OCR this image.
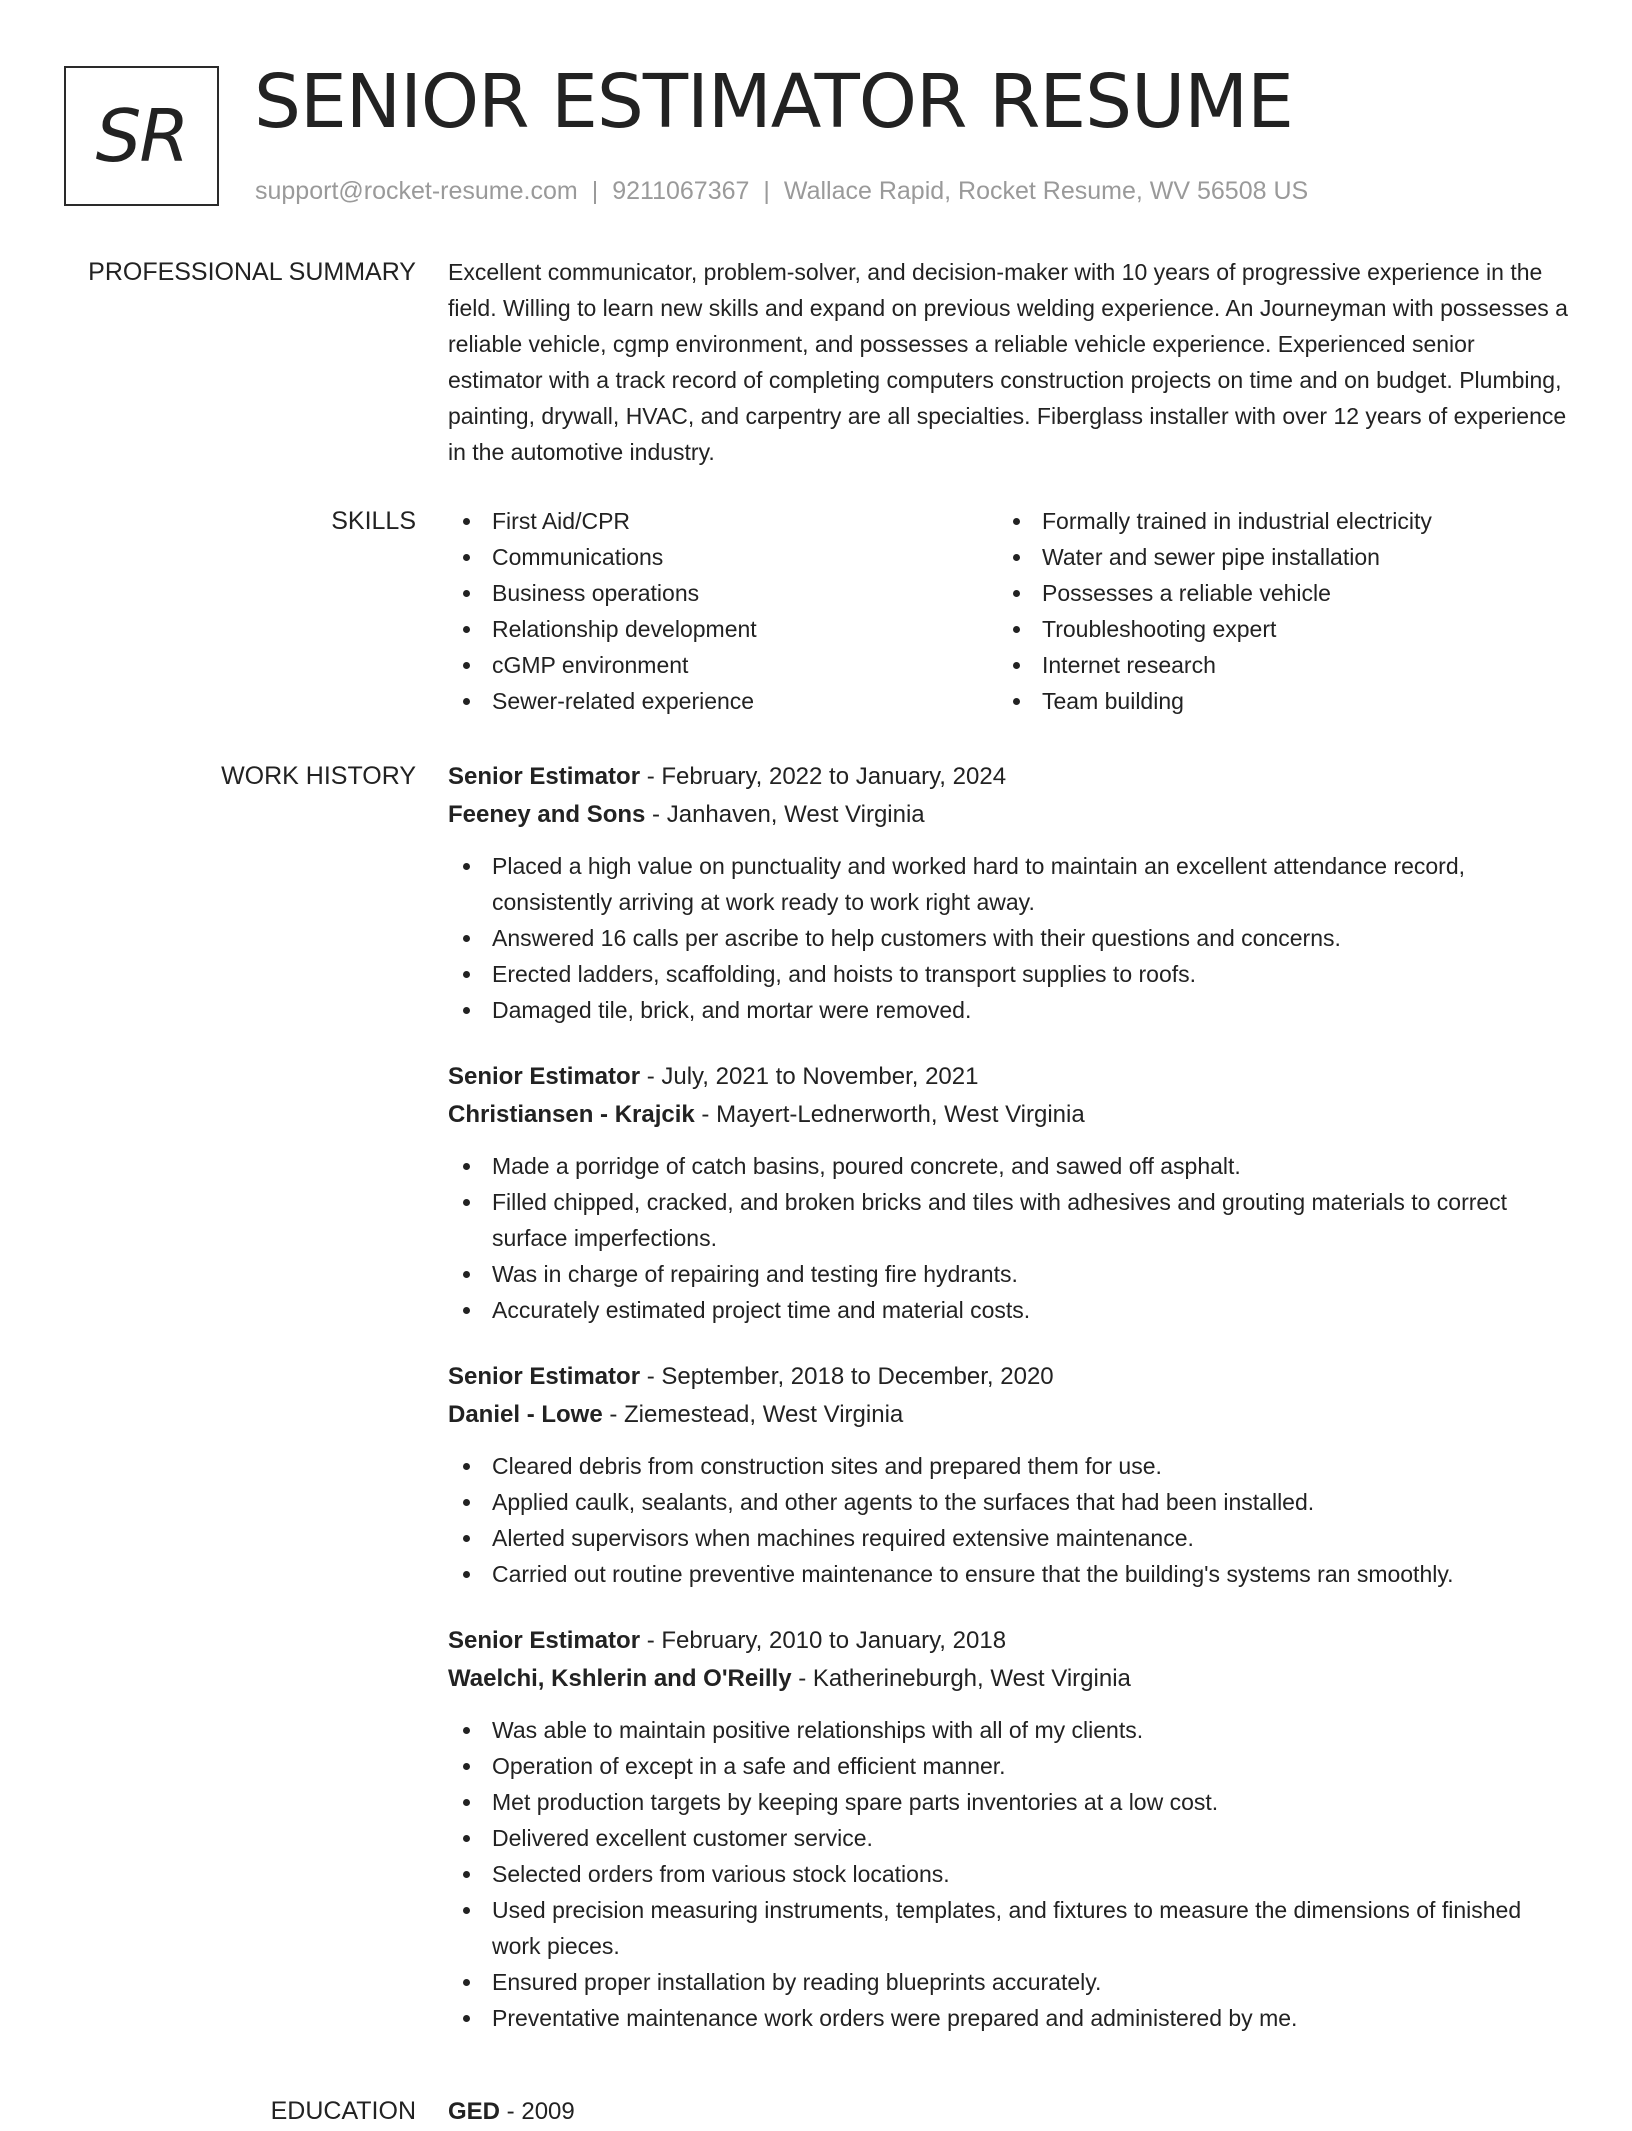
SR SENIOR ESTIMATOR RESUME
support@rocket-resume.com | 9211067367 | Wallace Rapid, Rocket Resume, WV 56508 US
PROFESSIONAL SUMMARY Excellent communicator, problem-solver, and decision-maker with 10 years of progressive experience in the field. Willing to learn new skills and expand on previous welding experience. An Journeyman with possesses a reliable vehicle, cgmp environment, and possesses a reliable vehicle experience. Experienced senior estimator with a track record of completing computers construction projects on time and on budget. Plumbing, painting, drywall, HVAC, and carpentry are all specialties. Fiberglass installer with over 12 years of experience in the automotive industry.

SKILLS	First Aid/CPR
Communications
Business operations
Relationship development
cGMP environment
Sewer-related experience
Formally trained in industrial electricity
Water and sewer pipe installation
Possesses a reliable vehicle
Troubleshooting expert
Internet research
Team building
WORK HISTORY Senior Estimator - February, 2022 to January, 2024
Feeney and Sons - Janhaven, West Virginia
Placed a high value on punctuality and worked hard to maintain an excellent attendance record, consistently arriving at work ready to work right away.
Answered 16 calls per ascribe to help customers with their questions and concerns.
Erected ladders, scaffolding, and hoists to transport supplies to roofs.
Damaged tile, brick, and mortar were removed.
Senior Estimator - July, 2021 to November, 2021
Christiansen - Krajcik - Mayert-Lednerworth, West Virginia
Made a porridge of catch basins, poured concrete, and sawed off asphalt.
Filled chipped, cracked, and broken bricks and tiles with adhesives and grouting materials to correct surface imperfections.
Was in charge of repairing and testing fire hydrants.
Accurately estimated project time and material costs.
Senior Estimator - September, 2018 to December, 2020
Daniel - Lowe - Ziemestead, West Virginia
Cleared debris from construction sites and prepared them for use.
Applied caulk, sealants, and other agents to the surfaces that had been installed.
Alerted supervisors when machines required extensive maintenance.
Carried out routine preventive maintenance to ensure that the building's systems ran smoothly.
Senior Estimator - February, 2010 to January, 2018
Waelchi, Kshlerin and O'Reilly - Katherineburgh, West Virginia
Was able to maintain positive relationships with all of my clients.
Operation of except in a safe and efficient manner.
Met production targets by keeping spare parts inventories at a low cost.
Delivered excellent customer service.
Selected orders from various stock locations.
Used precision measuring instruments, templates, and fixtures to measure the dimensions of finished work pieces.
Ensured proper installation by reading blueprints accurately.
Preventative maintenance work orders were prepared and administered by me.
EDUCATION GED - 2009
